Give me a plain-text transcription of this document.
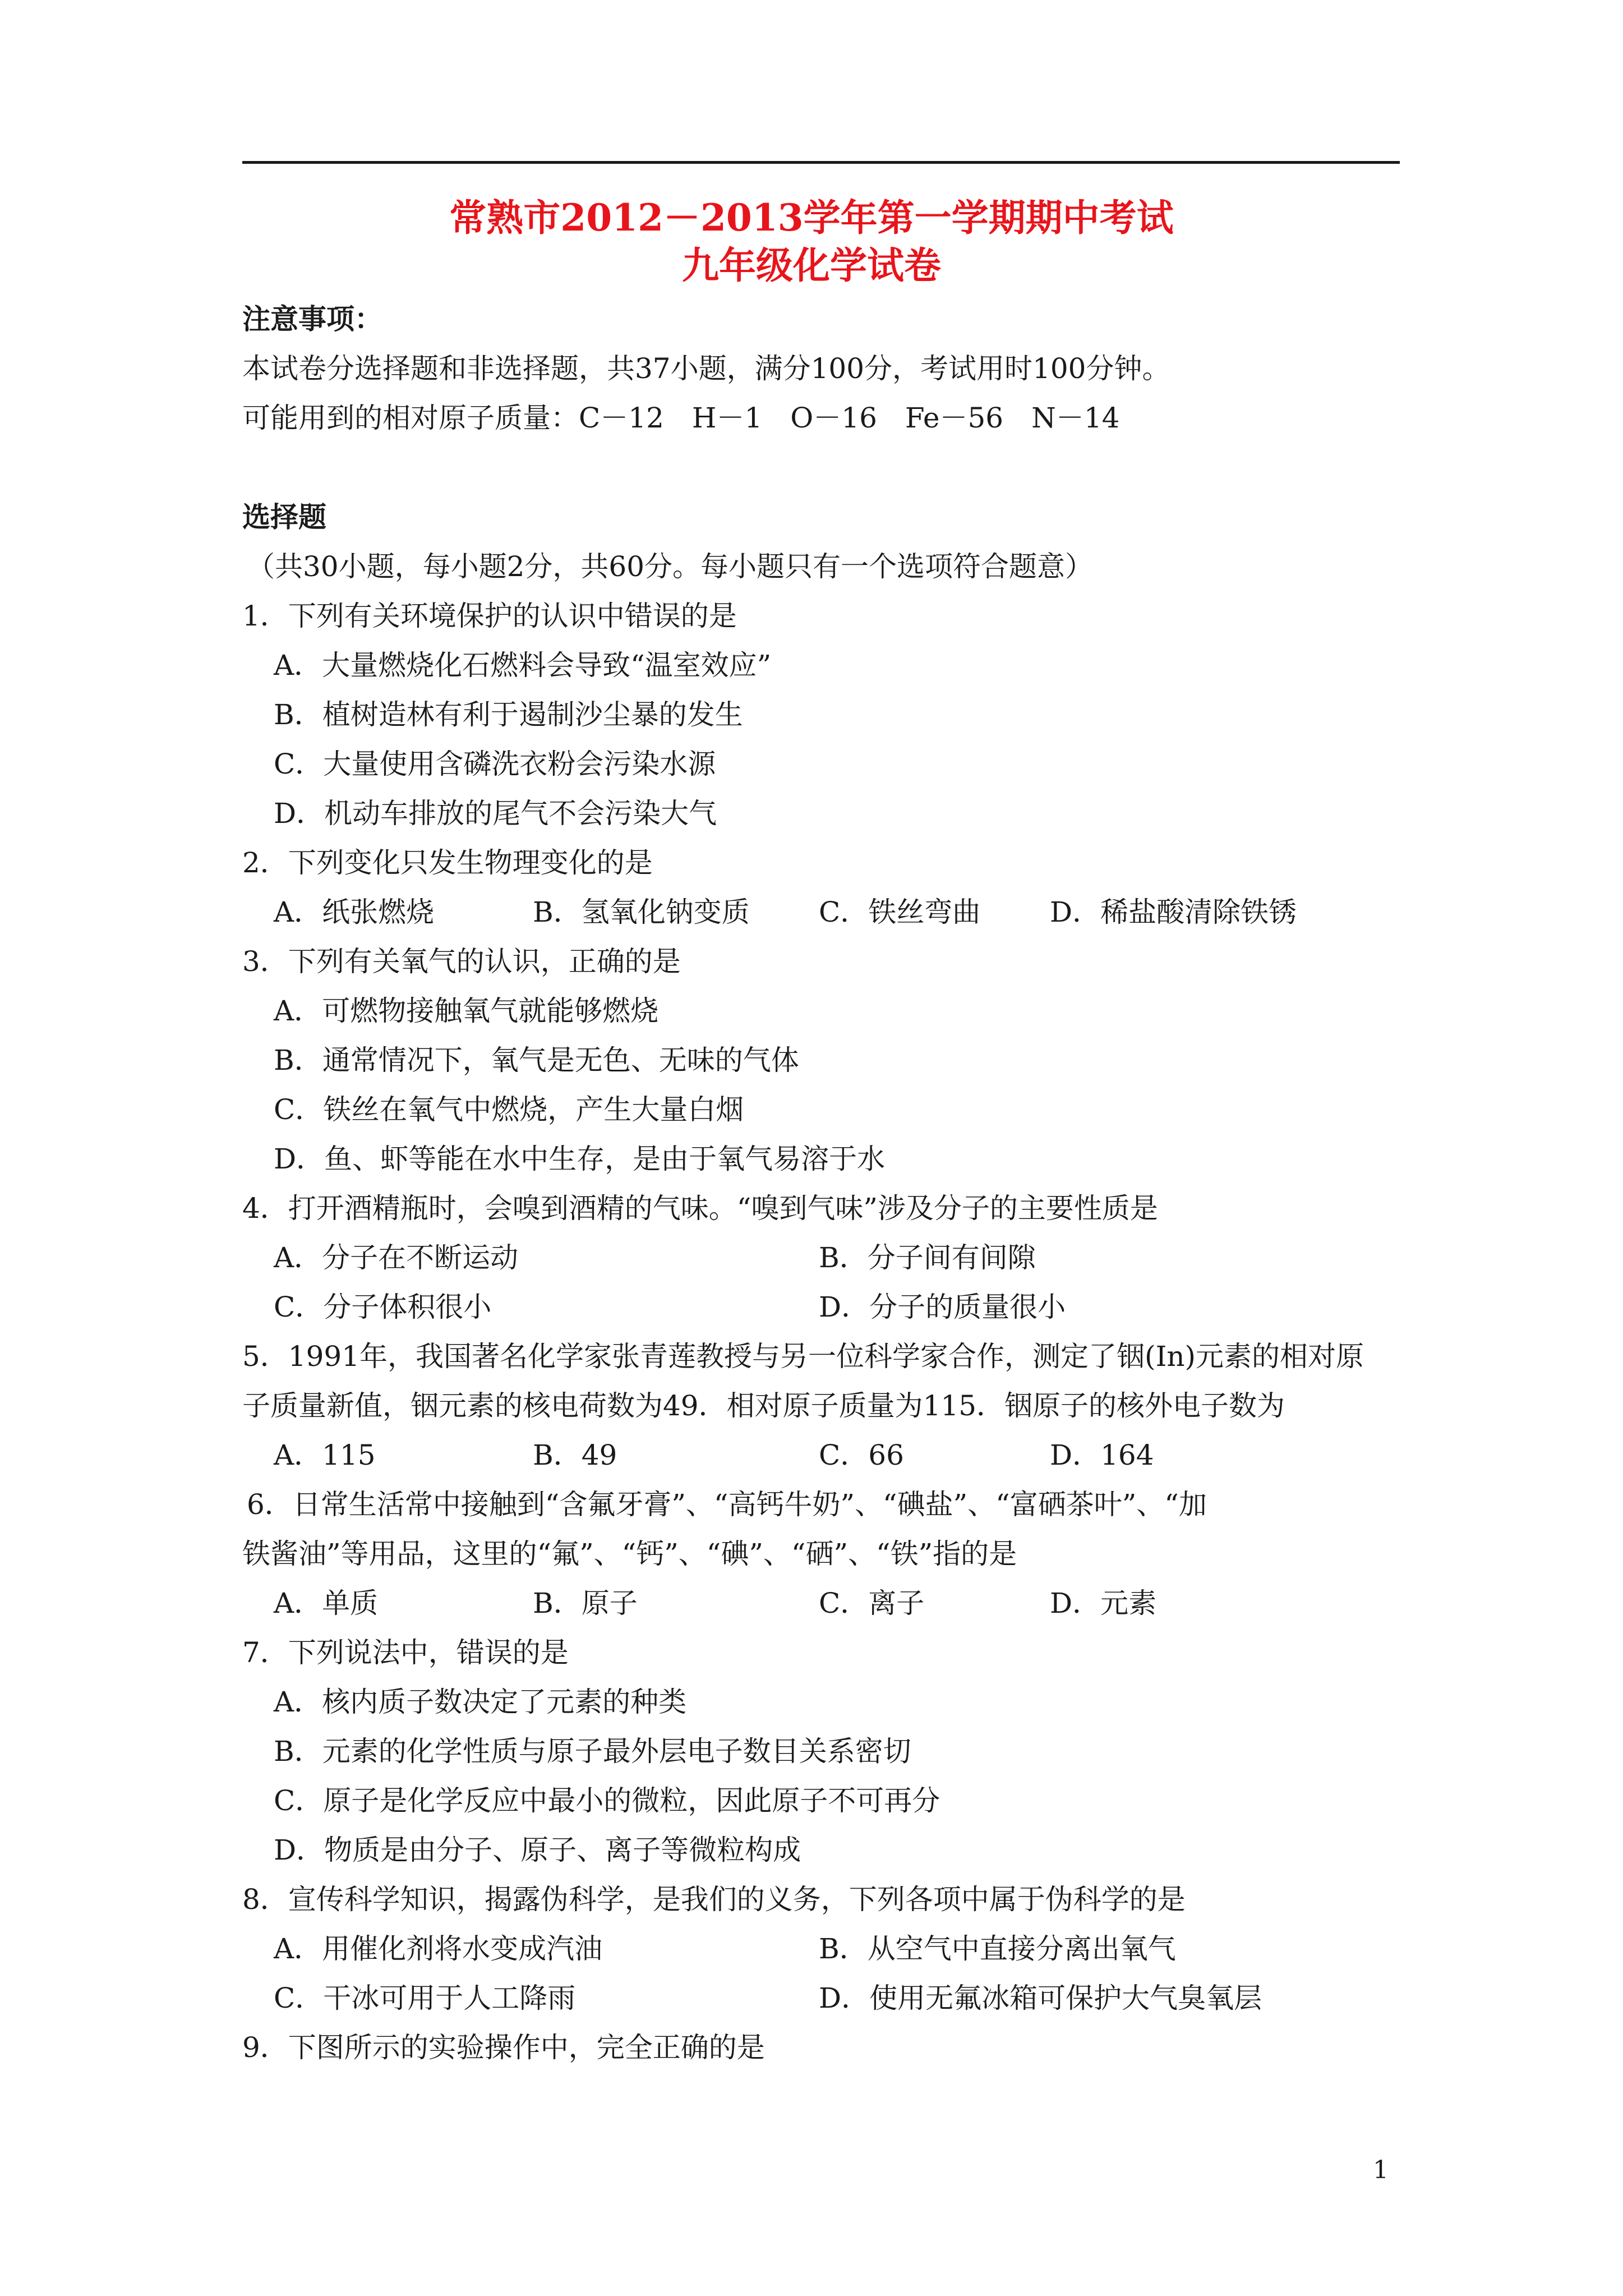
常熟市2012－2013学年第一学期期中考试
九年级化学试卷
注意事项：
本试卷分选择题和非选择题，共37小题，满分100分，考试用时100分钟。
可能用到的相对原子质量：C－12　H－1　O－16　Fe－56　N－14
选择题
（共30小题，每小题2分，共60分。每小题只有一个选项符合题意）
1．下列有关环境保护的认识中错误的是
A．大量燃烧化石燃料会导致“温室效应”
B．植树造林有利于遏制沙尘暴的发生
C．大量使用含磷洗衣粉会污染水源
D．机动车排放的尾气不会污染大气
2．下列变化只发生物理变化的是
A．纸张燃烧	B．氢氧化钠变质 C．铁丝弯曲 D．稀盐酸清除铁锈
3．下列有关氧气的认识，正确的是
A．可燃物接触氧气就能够燃烧
B．通常情况下，氧气是无色、无味的气体
C．铁丝在氧气中燃烧，产生大量白烟
D．鱼、虾等能在水中生存，是由于氧气易溶于水
4．打开酒精瓶时，会嗅到酒精的气味。“嗅到气味”涉及分子的主要性质是
A．分子在不断运动	B．分子间有间隙
C．分子体积很小	D．分子的质量很小
5．1991年，我国著名化学家张青莲教授与另一位科学家合作，测定了铟(In)元素的相对原
子质量新值，铟元素的核电荷数为49．相对原子质量为115．铟原子的核外电子数为
A．115	B．49	C．66	D．164
6．日常生活常中接触到“含氟牙膏”、“高钙牛奶”、“碘盐”、“富硒茶叶”、“加
铁酱油”等用品，这里的“氟”、“钙”、“碘”、“硒”、“铁”指的是
A．单质	B．原子	C．离子	D．元素
7．下列说法中，错误的是
A．核内质子数决定了元素的种类
B．元素的化学性质与原子最外层电子数目关系密切
C．原子是化学反应中最小的微粒，因此原子不可再分
D．物质是由分子、原子、离子等微粒构成
8．宣传科学知识，揭露伪科学，是我们的义务，下列各项中属于伪科学的是
A．用催化剂将水变成汽油	B．从空气中直接分离出氧气
C．干冰可用于人工降雨	D．使用无氟冰箱可保护大气臭氧层
9．下图所示的实验操作中，完全正确的是
1
